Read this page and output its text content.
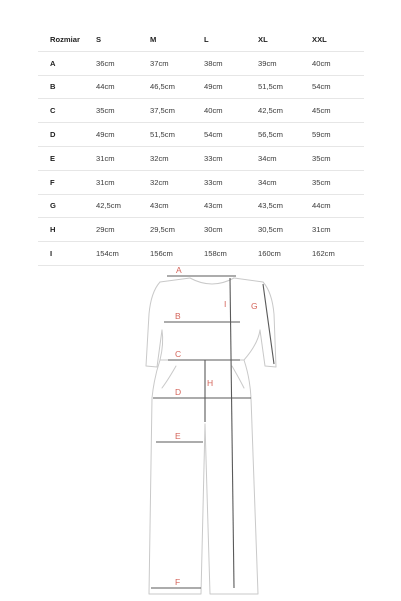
Rozmiar	S	M	L	XL	XXL
A	36cm	37cm	38cm	39cm	40cm
B	44cm	46,5cm	49cm	51,5cm	54cm
C	35cm	37,5cm	40cm	42,5cm	45cm
D	49cm	51,5cm	54cm	56,5cm	59cm
E	31cm	32cm	33cm	34cm	35cm
F	31cm	32cm	33cm	34cm	35cm
G	42,5cm	43cm	43cm	43,5cm	44cm
H	29cm	29,5cm	30cm	30,5cm	31cm
I	154cm	156cm	158cm	160cm	162cm
A
B
C
D
E
F
G
H
I
